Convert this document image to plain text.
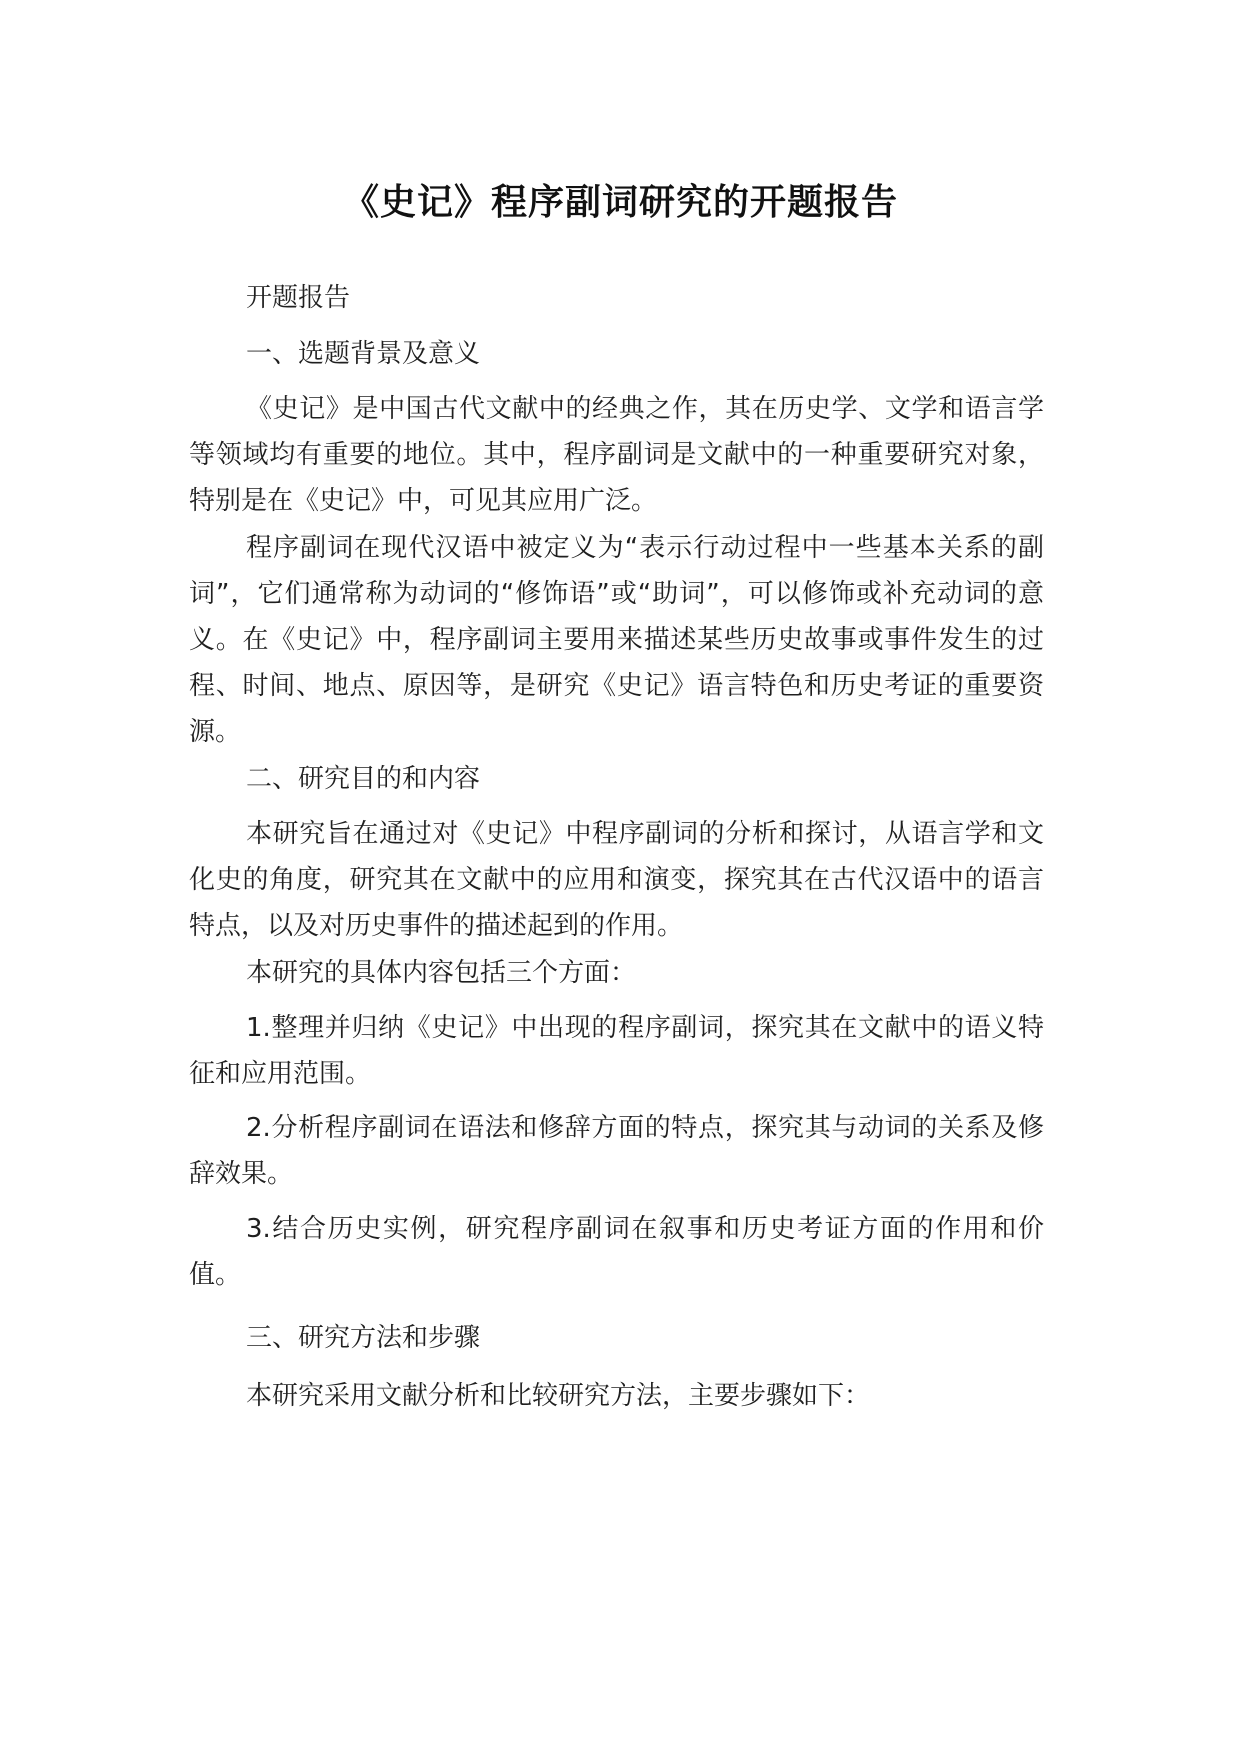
《史记》程序副词研究的开题报告

开题报告

一、选题背景及意义

《史记》是中国古代文献中的经典之作，其在历史学、文学和语言学等领域均有重要的地位。其中，程序副词是文献中的一种重要研究对象，特别是在《史记》中，可见其应用广泛。

程序副词在现代汉语中被定义为“表示行动过程中一些基本关系的副词”，它们通常称为动词的“修饰语”或“助词”，可以修饰或补充动词的意义。在《史记》中，程序副词主要用来描述某些历史故事或事件发生的过程、时间、地点、原因等，是研究《史记》语言特色和历史考证的重要资源。

二、研究目的和内容

本研究旨在通过对《史记》中程序副词的分析和探讨，从语言学和文化史的角度，研究其在文献中的应用和演变，探究其在古代汉语中的语言特点，以及对历史事件的描述起到的作用。

本研究的具体内容包括三个方面：

1.整理并归纳《史记》中出现的程序副词，探究其在文献中的语义特征和应用范围。

2.分析程序副词在语法和修辞方面的特点，探究其与动词的关系及修辞效果。

3.结合历史实例，研究程序副词在叙事和历史考证方面的作用和价值。

三、研究方法和步骤

本研究采用文献分析和比较研究方法，主要步骤如下：
